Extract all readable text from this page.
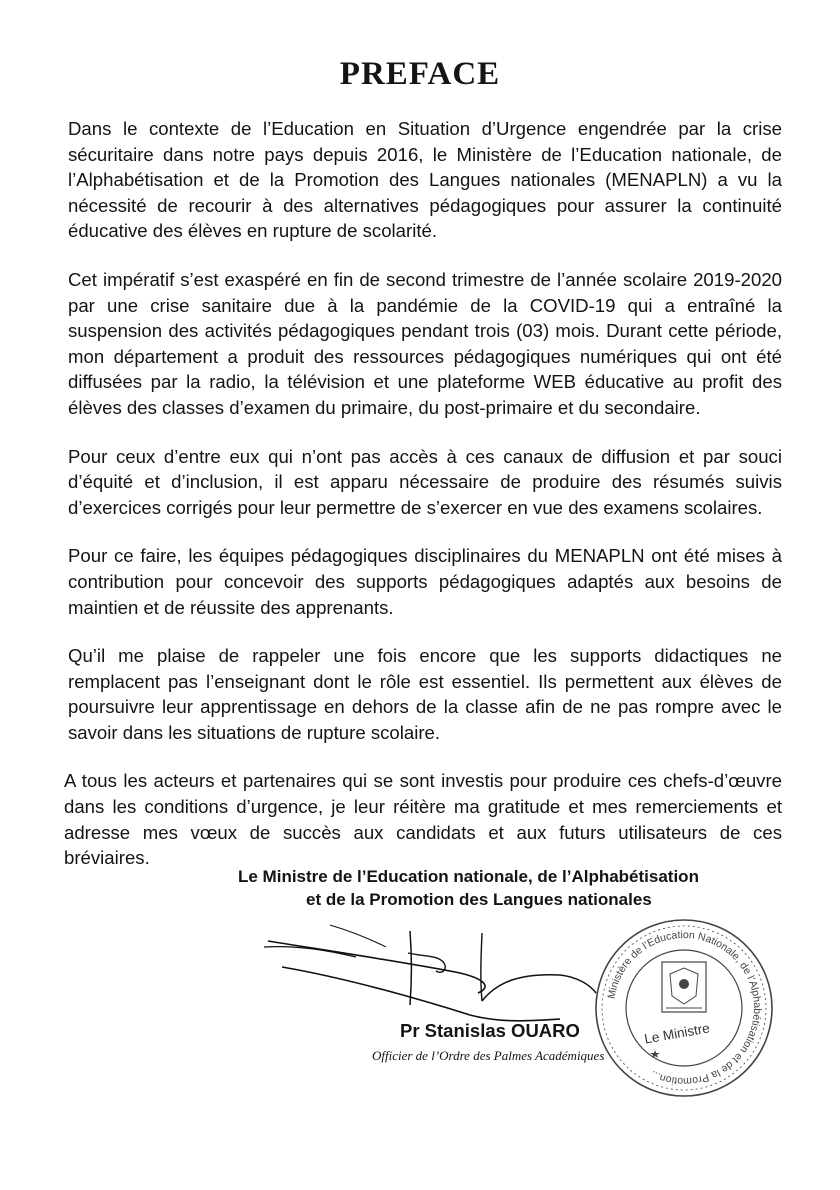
PREFACE

Dans le contexte de l’Education en Situation d’Urgence engendrée par la crise sécuritaire dans notre pays depuis 2016, le Ministère de l’Education nationale, de l’Alphabétisation et de la Promotion des Langues nationales (MENAPLN) a vu la nécessité de recourir à des alternatives pédagogiques pour assurer la continuité éducative des élèves en rupture de scolarité.

Cet impératif s’est exaspéré en fin de second trimestre de l’année scolaire 2019-2020 par une crise sanitaire due à la pandémie de la COVID-19 qui a entraîné la suspension des activités pédagogiques pendant trois (03) mois. Durant cette période, mon département a produit des ressources pédagogiques numériques qui ont été diffusées par la radio, la télévision et une plateforme WEB éducative au profit des élèves des classes d’examen du primaire, du post-primaire et du secondaire.

Pour ceux d’entre eux qui n’ont pas accès à ces canaux de diffusion et par souci d’équité et d’inclusion, il est apparu nécessaire de produire des résumés suivis d’exercices corrigés pour leur permettre de s’exercer en vue des examens scolaires.

Pour ce faire, les équipes pédagogiques disciplinaires du MENAPLN ont été mises à contribution pour concevoir des supports pédagogiques adaptés aux besoins de maintien et de réussite des apprenants.

Qu’il me plaise de rappeler une fois encore que les supports didactiques ne remplacent pas l’enseignant dont le rôle est essentiel. Ils permettent aux élèves de poursuivre leur apprentissage en dehors de la classe afin de ne pas rompre avec le savoir dans les situations de rupture scolaire.

A tous les acteurs et partenaires qui se sont investis pour produire ces chefs-d’œuvre dans les conditions d’urgence, je leur réitère ma gratitude et mes remerciements et adresse mes vœux de succès aux candidats et aux futurs utilisateurs de ces bréviaires.

Le Ministre de l’Education nationale, de l’Alphabétisation

et de la Promotion des Langues nationales

Pr Stanislas OUARO

Officier de l’Ordre des Palmes Académiques

Ministère de l’Education Nationale, de l’Alphabétisation et de la Promotion...
Le Ministre
